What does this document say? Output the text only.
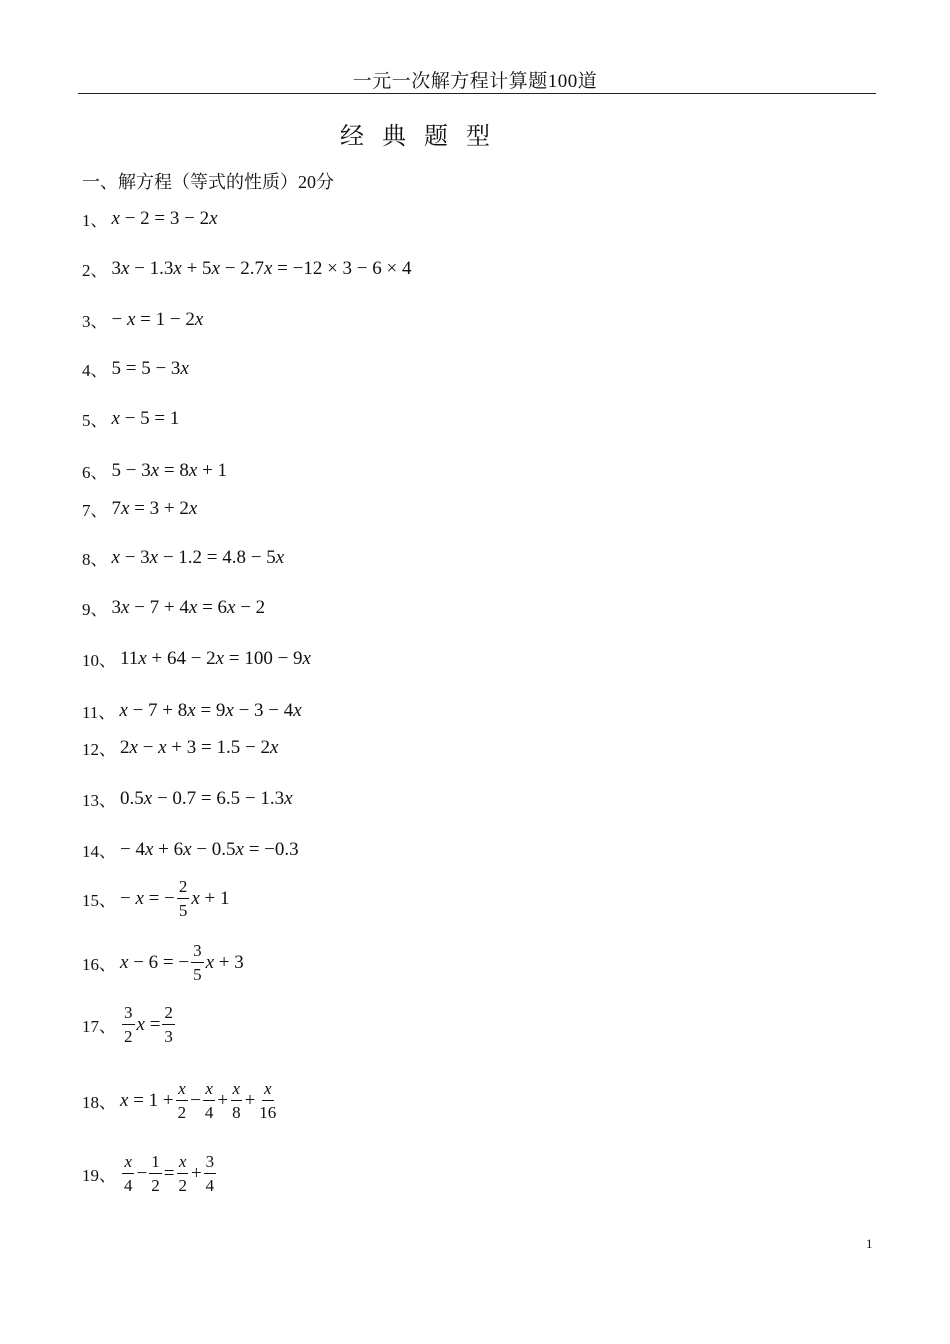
一元一次解方程计算题100道
经典题型
一、解方程（等式的性质）20分
1、 x − 2 = 3 − 2x
2、 3x − 1.3x + 5x − 2.7x = −12 × 3 − 6 × 4
3、 − x = 1 − 2x
4、 5 = 5 − 3x
5、 x − 5 = 1
6、 5 − 3x = 8x + 1
7、 7x = 3 + 2x
8、 x − 3x − 1.2 = 4.8 − 5x
9、 3x − 7 + 4x = 6x − 2
10、 11x + 64 − 2x = 100 − 9x
11、 x − 7 + 8x = 9x − 3 − 4x
12、 2x − x + 3 = 1.5 − 2x
13、 0.5x − 0.7 = 6.5 − 1.3x
14、 − 4x + 6x − 0.5x = −0.3
15、 − x = − $\frac{2}{5}$ x + 1
16、 x − 6 = − $\frac{3}{5}$ x + 3
17、 $\frac{3}{2}$ $x = \frac{2}{3}$
18、 $x = 1 + \frac{x}{2} - \frac{x}{4} + \frac{x}{8} + \frac{x}{16}$
19、 $\frac{x}{4} - \frac{1}{2} = \frac{x}{2} + \frac{3}{4}$
1
